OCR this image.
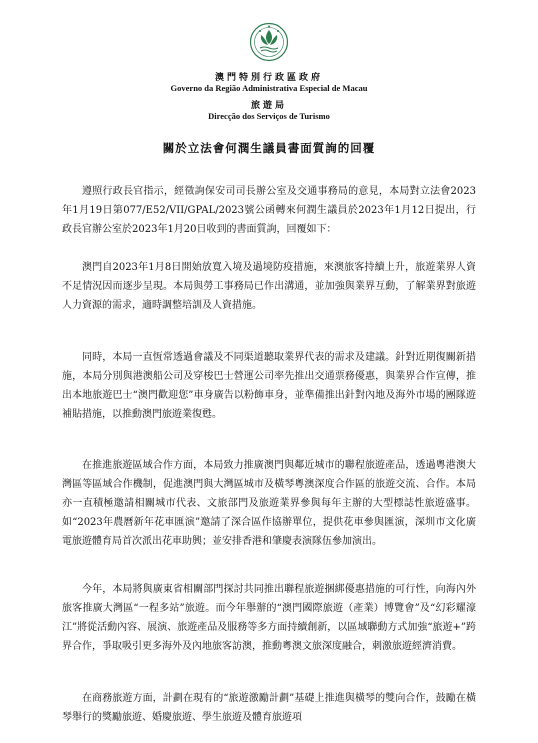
澳門特別行政區政府
Governo da Região Administrativa Especial de Macau
旅遊局
Direcção dos Serviços de Turismo
關於立法會何潤生議員書面質詢的回覆

遵照行政長官指示，經徵詢保安司司長辦公室及交通事務局的意見，本局對立法會2023年1月19日第077/E52/VII/GPAL/2023號公函轉來何潤生議員於2023年1月12日提出，行政長官辦公室於2023年1月20日收到的書面質詢，回覆如下：

澳門自2023年1月8日開始放寬入境及過境防疫措施，來澳旅客持續上升，旅遊業界人資不足情況因而逐步呈現。本局與勞工事務局已作出溝通，並加強與業界互動，了解業界對旅遊人力資源的需求，適時調整培訓及人資措施。

同時，本局一直恆常透過會議及不同渠道聽取業界代表的需求及建議。針對近期復關新措施，本局分別與港澳船公司及穿梭巴士營運公司率先推出交通票務優惠，與業界合作宣傳，推出本地旅遊巴士“澳門歡迎您”車身廣告以粉飾車身，並準備推出針對內地及海外市場的團隊遊補貼措施，以推動澳門旅遊業復甦。

在推進旅遊區域合作方面，本局致力推廣澳門與鄰近城市的聯程旅遊產品，透過粵港澳大灣區等區域合作機制，促進澳門與大灣區城市及橫琴粵澳深度合作區的旅遊交流、合作。本局亦一直積極邀請相關城市代表、文旅部門及旅遊業界參與每年主辦的大型標誌性旅遊盛事。如“2023年農曆新年花車匯演”邀請了深合區作協辦單位，提供花車參與匯演，深圳市文化廣電旅遊體育局首次派出花車助興；並安排香港和肇慶表演隊伍參加演出。

今年，本局將與廣東省相關部門探討共同推出聯程旅遊捆綁優惠措施的可行性，向海內外旅客推廣大灣區“一程多站”旅遊。而今年舉辦的“澳門國際旅遊（產業）博覽會”及“幻彩耀濠江”將從活動內容、展演、旅遊產品及服務等多方面持續創新，以區域聯動方式加強“旅遊+”跨界合作，爭取吸引更多海外及內地旅客訪澳，推動粵澳文旅深度融合，刺激旅遊經濟消費。

在商務旅遊方面，計劃在現有的“旅遊激勵計劃”基礎上推進與橫琴的雙向合作，鼓勵在橫琴舉行的獎勵旅遊、婚慶旅遊、學生旅遊及體育旅遊項
